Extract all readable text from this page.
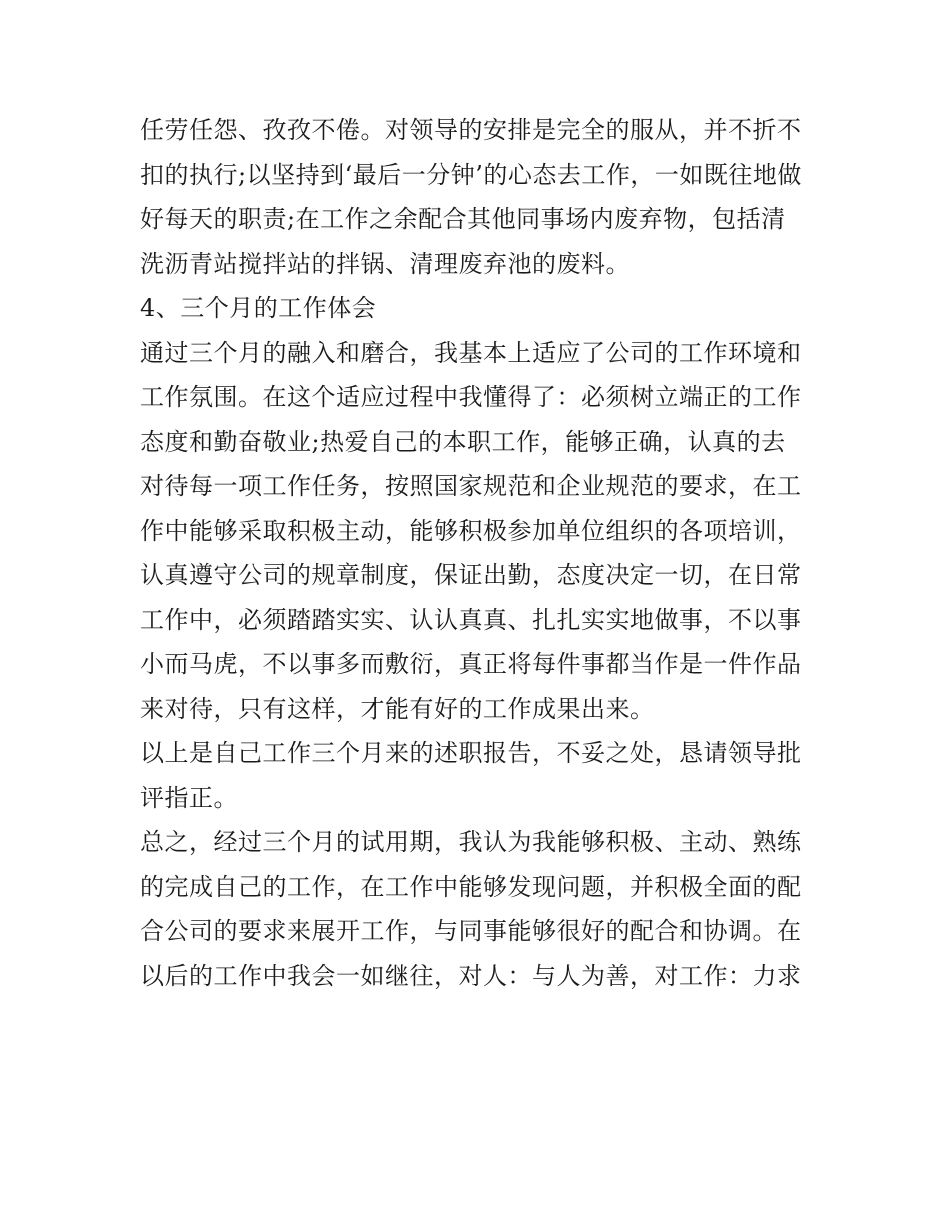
任劳任怨、孜孜不倦。对领导的安排是完全的服从，并不折不
扣的执行;以坚持到‘最后一分钟’的心态去工作，一如既往地做
好每天的职责;在工作之余配合其他同事场内废弃物，包括清
洗沥青站搅拌站的拌锅、清理废弃池的废料。
4、三个月的工作体会
通过三个月的融入和磨合，我基本上适应了公司的工作环境和
工作氛围。在这个适应过程中我懂得了：必须树立端正的工作
态度和勤奋敬业;热爱自己的本职工作，能够正确，认真的去
对待每一项工作任务，按照国家规范和企业规范的要求，在工
作中能够采取积极主动，能够积极参加单位组织的各项培训，
认真遵守公司的规章制度，保证出勤，态度决定一切，在日常
工作中，必须踏踏实实、认认真真、扎扎实实地做事，不以事
小而马虎，不以事多而敷衍，真正将每件事都当作是一件作品
来对待，只有这样，才能有好的工作成果出来。
以上是自己工作三个月来的述职报告，不妥之处，恳请领导批
评指正。
总之，经过三个月的试用期，我认为我能够积极、主动、熟练
的完成自己的工作，在工作中能够发现问题，并积极全面的配
合公司的要求来展开工作，与同事能够很好的配合和协调。在
以后的工作中我会一如继往，对人：与人为善，对工作：力求
